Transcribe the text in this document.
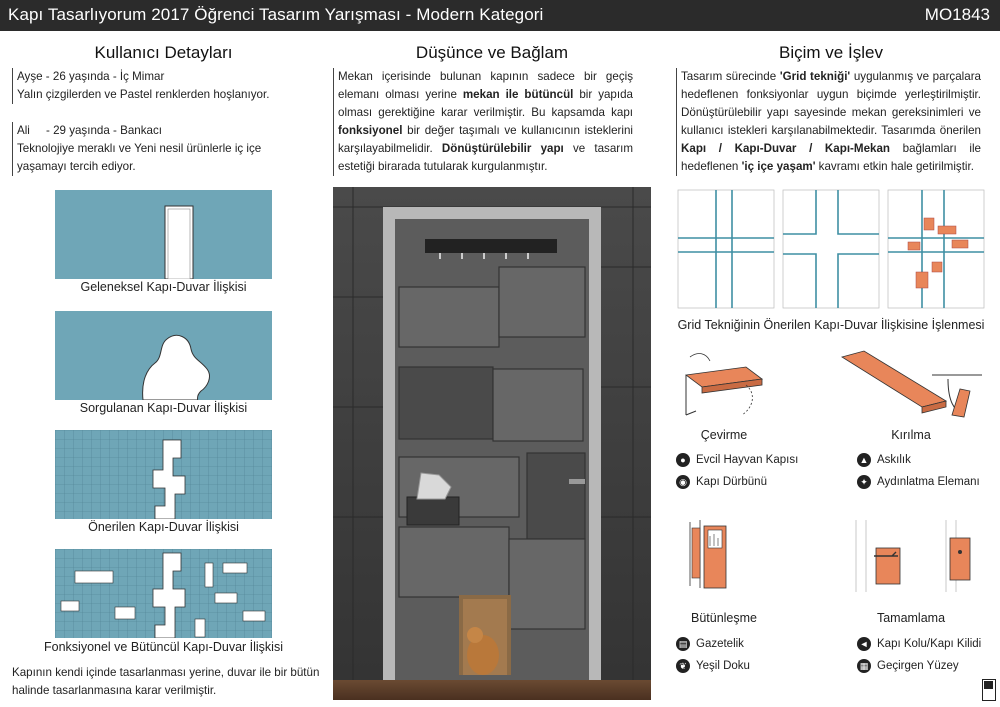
Kapı Tasarlıyorum 2017 Öğrenci Tasarım Yarışması - Modern Kategori	MO1843
Kullanıcı Detayları

Ayşe - 26 yaşında - İç Mimar

Yalın çizgilerden ve Pastel renklerden hoşlanıyor.

Ali     - 29 yaşında - Bankacı

Teknolojiye meraklı ve Yeni nesil ürünlerle iç içe

yaşamayı tercih ediyor.

Geleneksel Kapı-Duvar İlişkisi
Sorgulanan Kapı-Duvar İlişkisi
Önerilen Kapı-Duvar İlişkisi
Fonksiyonel ve Bütüncül Kapı-Duvar İlişkisi

Kapının kendi içinde tasarlanması yerine, duvar ile bir bütün

halinde tasarlanmasına karar verilmiştir.

Düşünce ve Bağlam
Mekan içerisinde bulunan kapının sadece bir geçiş elemanı olması yerine mekan ile bütüncül bir yapıda olması gerektiğine karar verilmiştir. Bu kapsamda kapı fonksiyonel bir değer taşımalı ve kullanıcının isteklerini karşılayabilmelidir. Dönüştürülebilir yapı ve tasarım estetiği birarada tutularak kurgulanmıştır.
Biçim ve İşlev
Tasarım sürecinde 'Grid tekniği' uygulanmış ve parçalara hedeflenen fonksiyonlar uygun biçimde yerleştirilmiştir. Dönüştürülebilir yapı sayesinde mekan gereksinimleri ve kullanıcı istekleri karşılanabilmektedir. Tasarımda önerilen Kapı / Kapı-Duvar / Kapı-Mekan bağlamları ile hedeflenen 'iç içe yaşam' kavramı etkin hale getirilmiştir.
Grid Tekniğinin Önerilen Kapı-Duvar İlişkisine İşlenmesi
Çevirme	Kırılma
● Evcil Hayvan Kapısı
◉ Kapı Dürbünü
▲ Askılık
✦ Aydınlatma Elemanı
Bütünleşme	Tamamlama
▤ Gazetelik
❦ Yeşil Doku
◄ Kapı Kolu/Kapı Kilidi
▦ Geçirgen Yüzey
